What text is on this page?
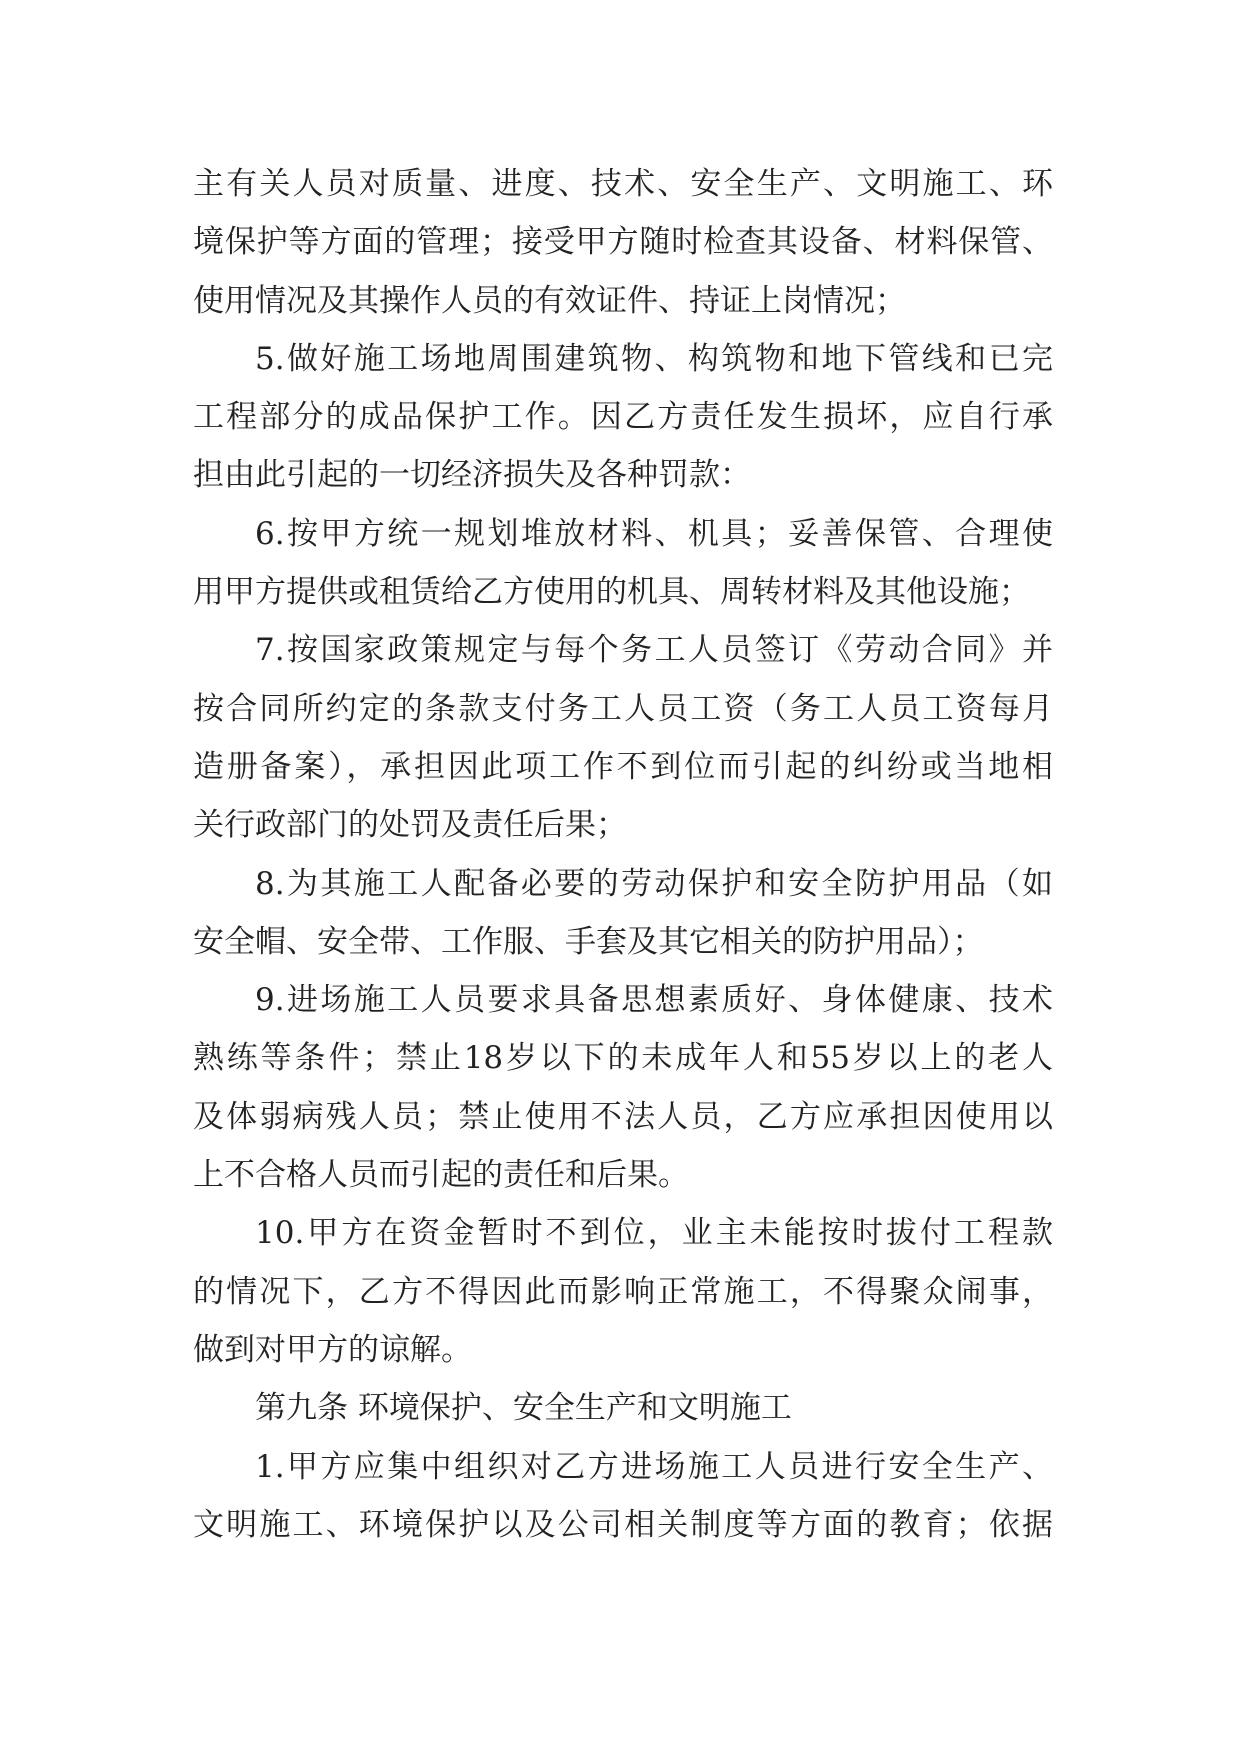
主有关人员对质量、进度、技术、安全生产、文明施工、环
境保护等方面的管理；接受甲方随时检查其设备、材料保管、
使用情况及其操作人员的有效证件、持证上岗情况；
5.做好施工场地周围建筑物、构筑物和地下管线和已完
工程部分的成品保护工作。因乙方责任发生损坏，应自行承
担由此引起的一切经济损失及各种罚款：
6.按甲方统一规划堆放材料、机具；妥善保管、合理使
用甲方提供或租赁给乙方使用的机具、周转材料及其他设施；
7.按国家政策规定与每个务工人员签订《劳动合同》并
按合同所约定的条款支付务工人员工资（务工人员工资每月
造册备案），承担因此项工作不到位而引起的纠纷或当地相
关行政部门的处罚及责任后果；
8.为其施工人配备必要的劳动保护和安全防护用品（如
安全帽、安全带、工作服、手套及其它相关的防护用品）；
9.进场施工人员要求具备思想素质好、身体健康、技术
熟练等条件；禁止18岁以下的未成年人和55岁以上的老人
及体弱病残人员；禁止使用不法人员，乙方应承担因使用以
上不合格人员而引起的责任和后果。
10.甲方在资金暂时不到位，业主未能按时拔付工程款
的情况下，乙方不得因此而影响正常施工，不得聚众闹事，
做到对甲方的谅解。
第九条 环境保护、安全生产和文明施工
1.甲方应集中组织对乙方进场施工人员进行安全生产、
文明施工、环境保护以及公司相关制度等方面的教育；依据
